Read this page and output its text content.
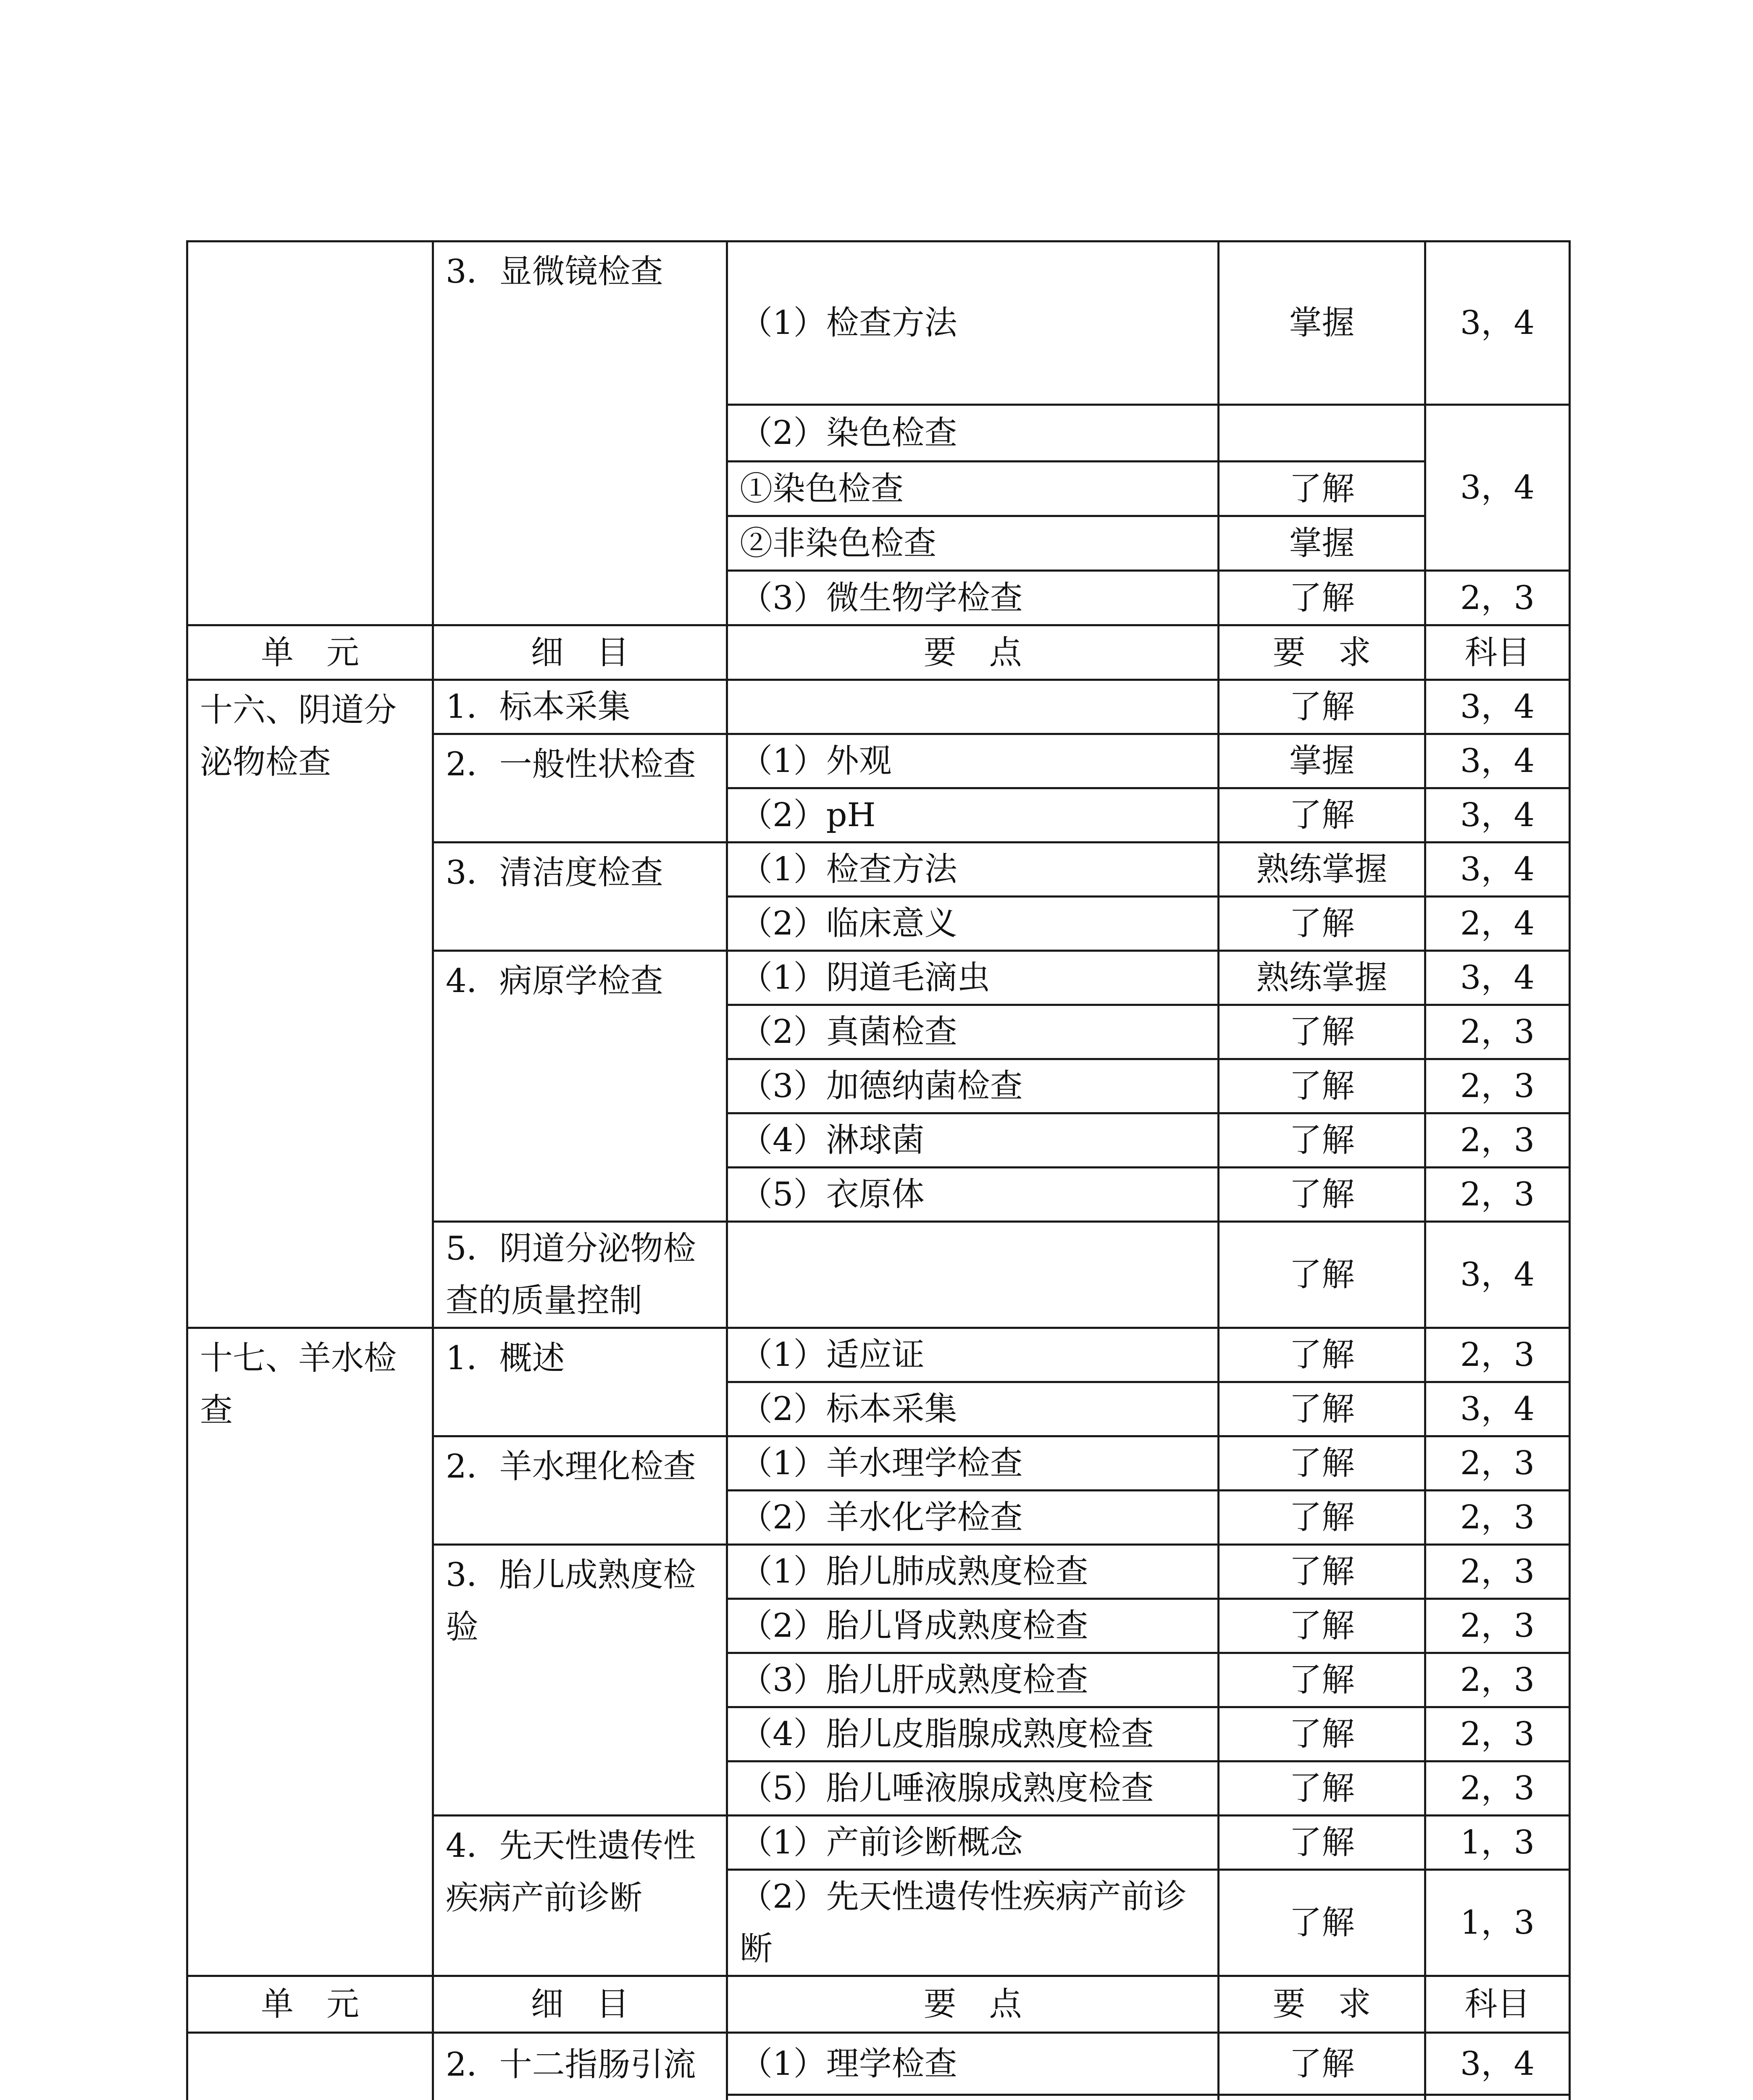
	3．显微镜检查	（1）检查方法	掌握	3，4
		（2）染色检查		3，4
		①染色检查	了解	
		②非染色检查	掌握	
		（3）微生物学检查	了解	2，3
单　元	细　目	要　点	要　求	科目
十六、阴道分泌物检查	1．标本采集		了解	3，4
	2．一般性状检查	（1）外观	掌握	3，4
		（2）pH	了解	3，4
	3．清洁度检查	（1）检查方法	熟练掌握	3，4
		（2）临床意义	了解	2，4
	4．病原学检查	（1）阴道毛滴虫	熟练掌握	3，4
		（2）真菌检查	了解	2，3
		（3）加德纳菌检查	了解	2，3
		（4）淋球菌	了解	2，3
		（5）衣原体	了解	2，3
	5．阴道分泌物检查的质量控制		了解	3，4
十七、羊水检查	1．概述	（1）适应证	了解	2，3
		（2）标本采集	了解	3，4
	2．羊水理化检查	（1）羊水理学检查	了解	2，3
		（2）羊水化学检查	了解	2，3
	3．胎儿成熟度检验	（1）胎儿肺成熟度检查	了解	2，3
		（2）胎儿肾成熟度检查	了解	2，3
		（3）胎儿肝成熟度检查	了解	2，3
		（4）胎儿皮脂腺成熟度检查	了解	2，3
		（5）胎儿唾液腺成熟度检查	了解	2，3
	4．先天性遗传性疾病产前诊断	（1）产前诊断概念	了解	1，3
		（2）先天性遗传性疾病产前诊断	了解	1，3
单　元	细　目	要　点	要　求	科目
	2．十二指肠引流	（1）理学检查	了解	3，4
